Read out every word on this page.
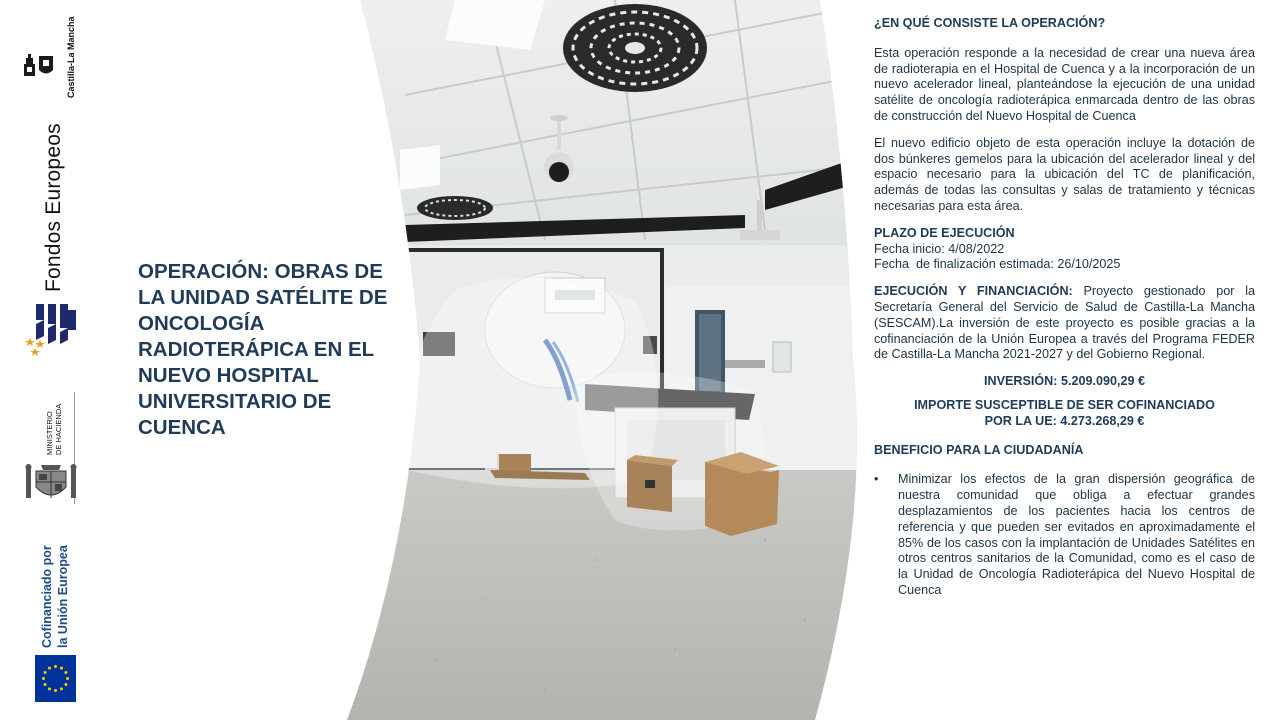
Castilla-La Mancha
Fondos Europeos
MINISTERIO DE HACIENDA
Cofinanciado por la Unión Europea
OPERACIÓN: OBRAS DE LA UNIDAD SATÉLITE DE ONCOLOGÍA RADIOTERÁPICA EN EL NUEVO HOSPITAL UNIVERSITARIO DE CUENCA
¿EN QUÉ CONSISTE LA OPERACIÓN?

Esta operación responde a la necesidad de crear una nueva área de radioterapia en el Hospital de Cuenca y a la incorporación de un nuevo acelerador lineal, planteándose la ejecución de una unidad satélite de oncología radioterápica enmarcada dentro de las obras de construcción del Nuevo Hospital de Cuenca

El nuevo edificio objeto de esta operación incluye la dotación de dos búnkeres gemelos para la ubicación del acelerador lineal y del espacio necesario para la ubicación del TC de planificación, además de todas las consultas y salas de tratamiento y técnicas necesarias para esta área.

PLAZO DE EJECUCIÓN
Fecha inicio: 4/08/2022
Fecha  de finalización estimada: 26/10/2025

EJECUCIÓN Y FINANCIACIÓN: Proyecto gestionado por la Secretaría General del Servicio de Salud de Castilla-La Mancha (SESCAM).La inversión de este proyecto es posible gracias a la cofinanciación de la Unión Europea a través del Programa FEDER de Castilla-La Mancha 2021-2027 y del Gobierno Regional.

INVERSIÓN: 5.209.090,29 €
IMPORTE SUSCEPTIBLE DE SER COFINANCIADO
POR LA UE: 4.273.268,29 €
BENEFICIO PARA LA CIUDADANÍA
• Minimizar los efectos de la gran dispersión geográfica de nuestra comunidad que obliga a efectuar grandes desplazamientos de los pacientes hacia los centros de referencia y que pueden ser evitados en aproximadamente el 85% de los casos con la implantación de Unidades Satélites en otros centros sanitarios de la Comunidad, como es el caso de la Unidad de Oncología Radioterápica del Nuevo Hospital de Cuenca
